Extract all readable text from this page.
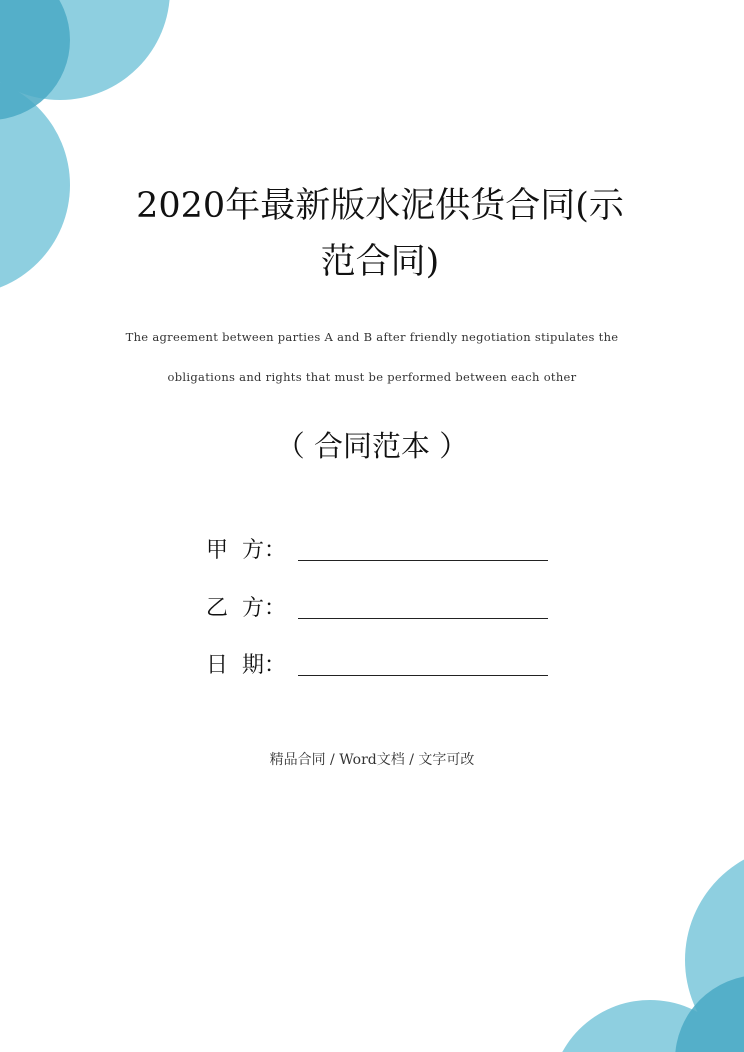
2020年最新版水泥供货合同(示
范合同)
The agreement between parties A and B after friendly negotiation stipulates the
obligations and rights that must be performed between each other
（ 合同范本 ）
甲  方：
乙  方：
日  期：
精品合同 / Word文档 / 文字可改
